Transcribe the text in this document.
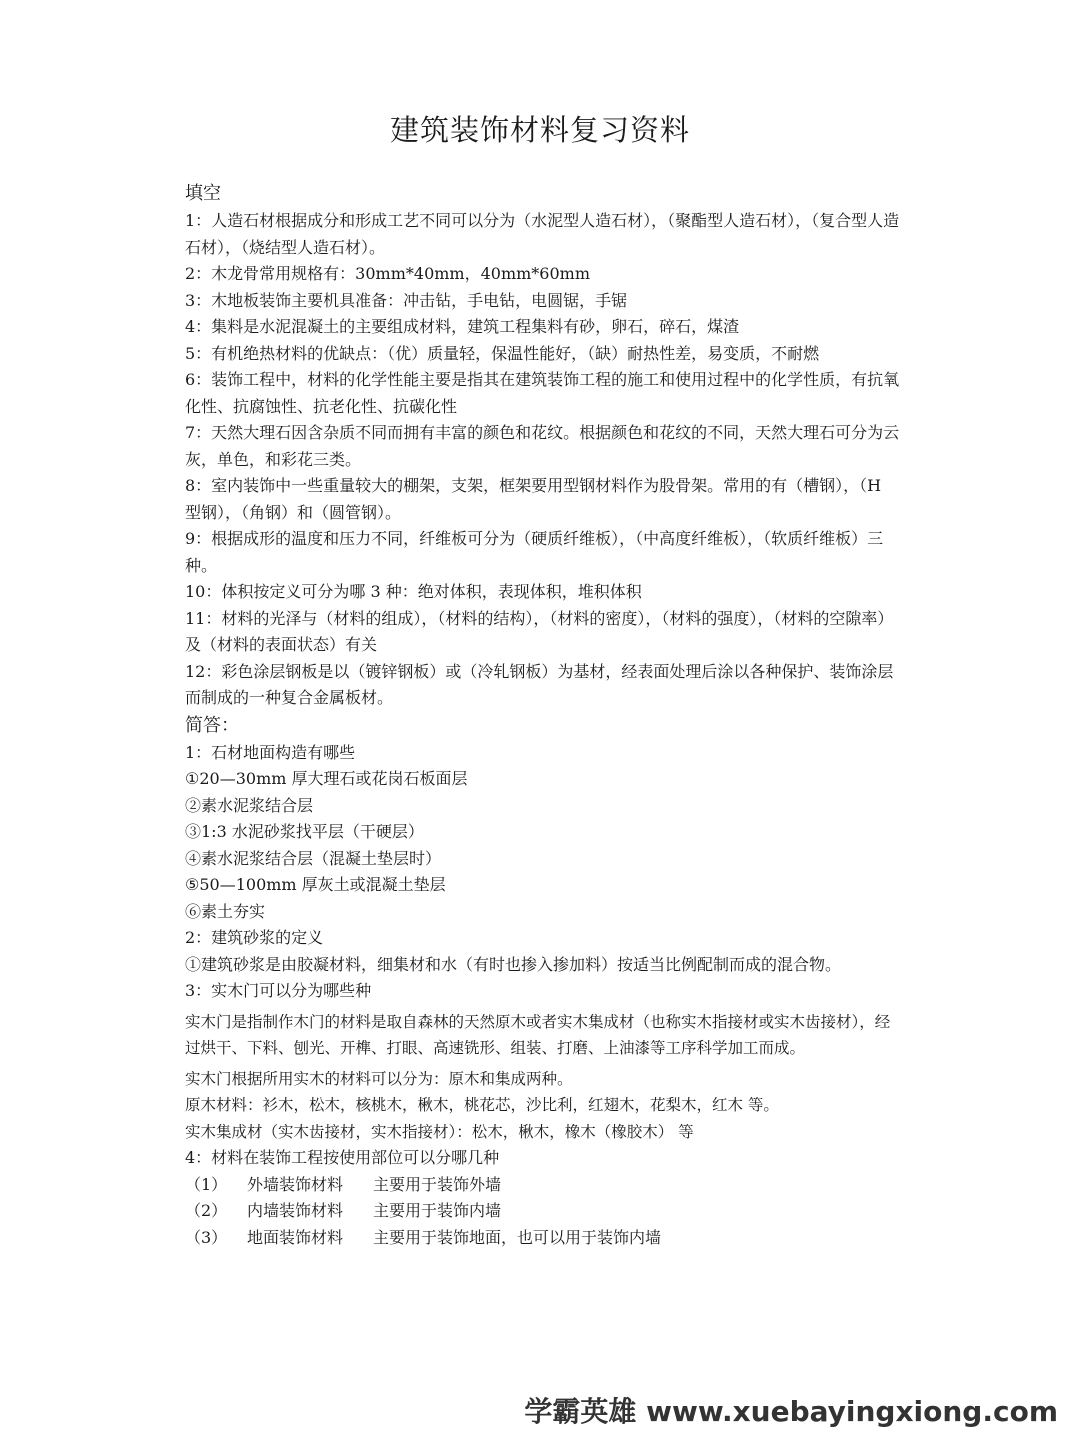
建筑装饰材料复习资料

填空

1：人造石材根据成分和形成工艺不同可以分为（水泥型人造石材），（聚酯型人造石材），（复合型人造石材），（烧结型人造石材）。

2：木龙骨常用规格有：30mm*40mm，40mm*60mm

3：木地板装饰主要机具准备：冲击钻，手电钻，电圆锯，手锯

4：集料是水泥混凝土的主要组成材料，建筑工程集料有砂，卵石，碎石，煤渣

5：有机绝热材料的优缺点：（优）质量轻，保温性能好，（缺）耐热性差，易变质，不耐燃

6：装饰工程中，材料的化学性能主要是指其在建筑装饰工程的施工和使用过程中的化学性质，有抗氧化性、抗腐蚀性、抗老化性、抗碳化性

7：天然大理石因含杂质不同而拥有丰富的颜色和花纹。根据颜色和花纹的不同，天然大理石可分为云灰，单色，和彩花三类。

8：室内装饰中一些重量较大的棚架，支架，框架要用型钢材料作为股骨架。常用的有（槽钢），（H 型钢），（角钢）和（圆管钢）。

9：根据成形的温度和压力不同，纤维板可分为（硬质纤维板），（中高度纤维板），（软质纤维板）三种。

10：体积按定义可分为哪 3 种：绝对体积，表现体积，堆积体积

11：材料的光泽与（材料的组成），（材料的结构），（材料的密度），（材料的强度），（材料的空隙率）及（材料的表面状态）有关

12：彩色涂层钢板是以（镀锌钢板）或（冷轧钢板）为基材，经表面处理后涂以各种保护、装饰涂层而制成的一种复合金属板材。

简答：

1：石材地面构造有哪些

①20—30mm 厚大理石或花岗石板面层

②素水泥浆结合层

③1:3 水泥砂浆找平层（干硬层）

④素水泥浆结合层（混凝土垫层时）

⑤50—100mm 厚灰土或混凝土垫层

⑥素土夯实

2：建筑砂浆的定义

①建筑砂浆是由胶凝材料，细集材和水（有时也掺入掺加料）按适当比例配制而成的混合物。

3：实木门可以分为哪些种

实木门是指制作木门的材料是取自森林的天然原木或者实木集成材（也称实木指接材或实木齿接材），经过烘干、下料、刨光、开榫、打眼、高速铣形、组装、打磨、上油漆等工序科学加工而成。

实木门根据所用实木的材料可以分为：原木和集成两种。

原木材料：衫木，松木，核桃木，楸木，桃花芯，沙比利，红翅木，花梨木，红木 等。

实木集成材（实木齿接材，实木指接材）：松木，楸木，橡木（橡胶木） 等

4：材料在装饰工程按使用部位可以分哪几种

（1）	外墙装饰材料	主要用于装饰外墙
（2）	内墙装饰材料	主要用于装饰内墙
（3）	地面装饰材料	主要用于装饰地面，也可以用于装饰内墙
学霸英雄 www.xuebayingxiong.com
